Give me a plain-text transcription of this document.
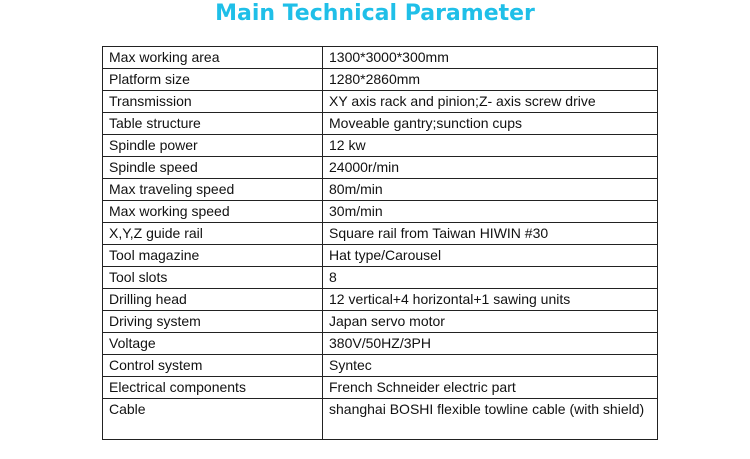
Main Technical Parameter
Max working area	1300*3000*300mm
Platform size	1280*2860mm
Transmission	XY axis rack and pinion;Z- axis screw drive
Table structure	Moveable gantry;sunction cups
Spindle power	12 kw
Spindle speed	24000r/min
Max traveling speed	80m/min
Max working speed	30m/min
X,Y,Z guide rail	Square rail from Taiwan HIWIN #30
Tool magazine	Hat type/Carousel
Tool slots	8
Drilling head	12 vertical+4 horizontal+1 sawing units
Driving system	Japan servo motor
Voltage	380V/50HZ/3PH
Control system	Syntec
Electrical components	French Schneider electric part
Cable	shanghai BOSHI flexible towline cable (with shield)
